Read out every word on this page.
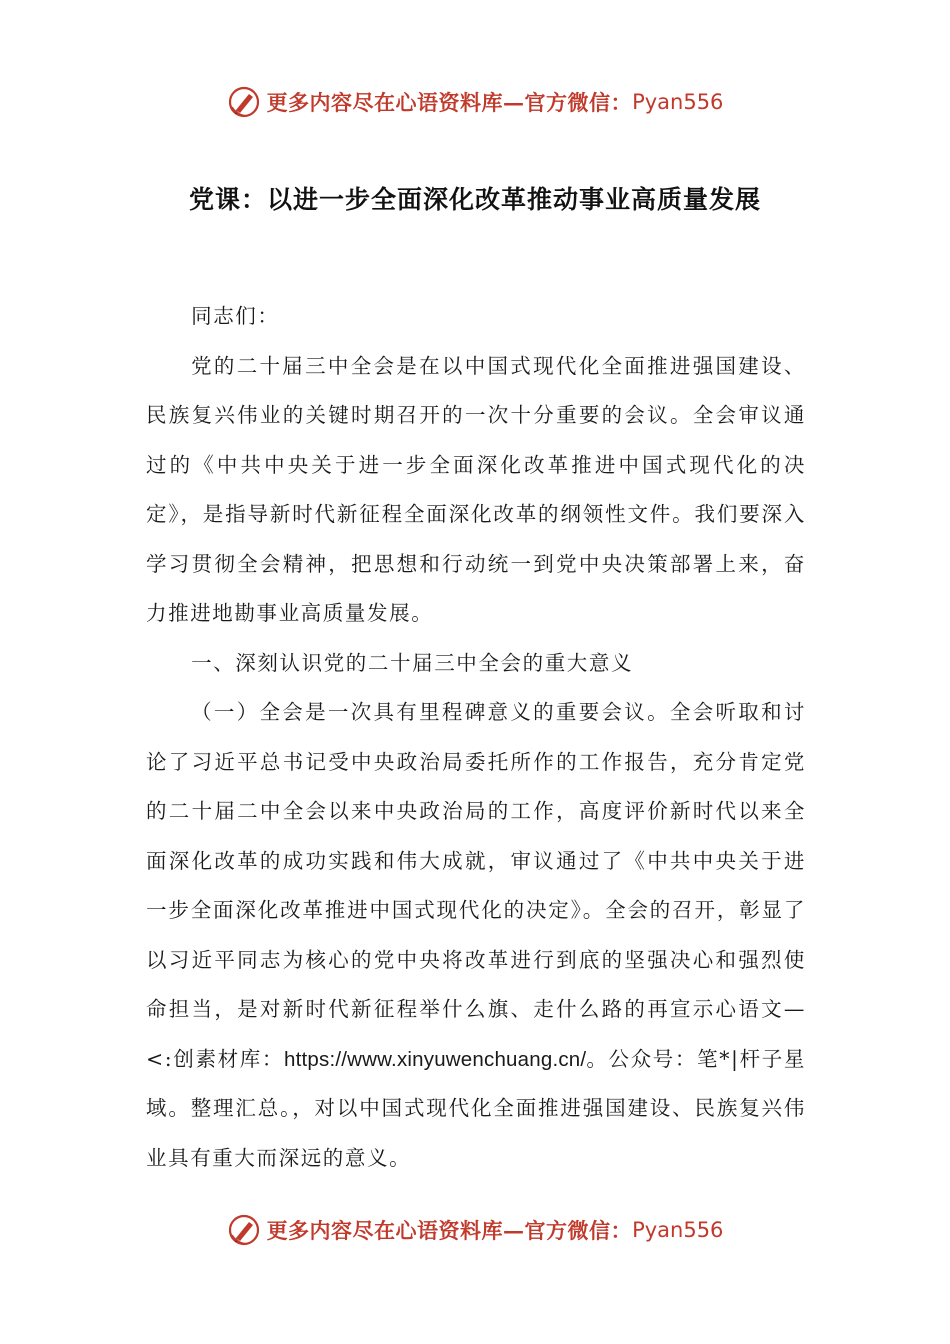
更多内容尽在心语资料库—官方微信： Pyan556
党课：以进一步全面深化改革推动事业高质量发展

同志们：

党的二十届三中全会是在以中国式现代化全面推进强国建设、民族复兴伟业的关键时期召开的一次十分重要的会议。全会审议通过的《中共中央关于进一步全面深化改革推进中国式现代化的决定》，是指导新时代新征程全面深化改革的纲领性文件。我们要深入学习贯彻全会精神，把思想和行动统一到党中央决策部署上来，奋力推进地勘事业高质量发展。

一、深刻认识党的二十届三中全会的重大意义

（一）全会是一次具有里程碑意义的重要会议。全会听取和讨论了习近平总书记受中央政治局委托所作的工作报告，充分肯定党的二十届二中全会以来中央政治局的工作，高度评价新时代以来全面深化改革的成功实践和伟大成就，审议通过了《中共中央关于进一步全面深化改革推进中国式现代化的决定》。全会的召开，彰显了以习近平同志为核心的党中央将改革进行到底的坚强决心和强烈使命担当，是对新时代新征程举什么旗、走什么路的再宣示心语文—<:创素材库：https://www.xinyuwenchuang.cn/。公众号：笔*|杆子星域。整理汇总。，对以中国式现代化全面推进强国建设、民族复兴伟业具有重大而深远的意义。

更多内容尽在心语资料库—官方微信： Pyan556
